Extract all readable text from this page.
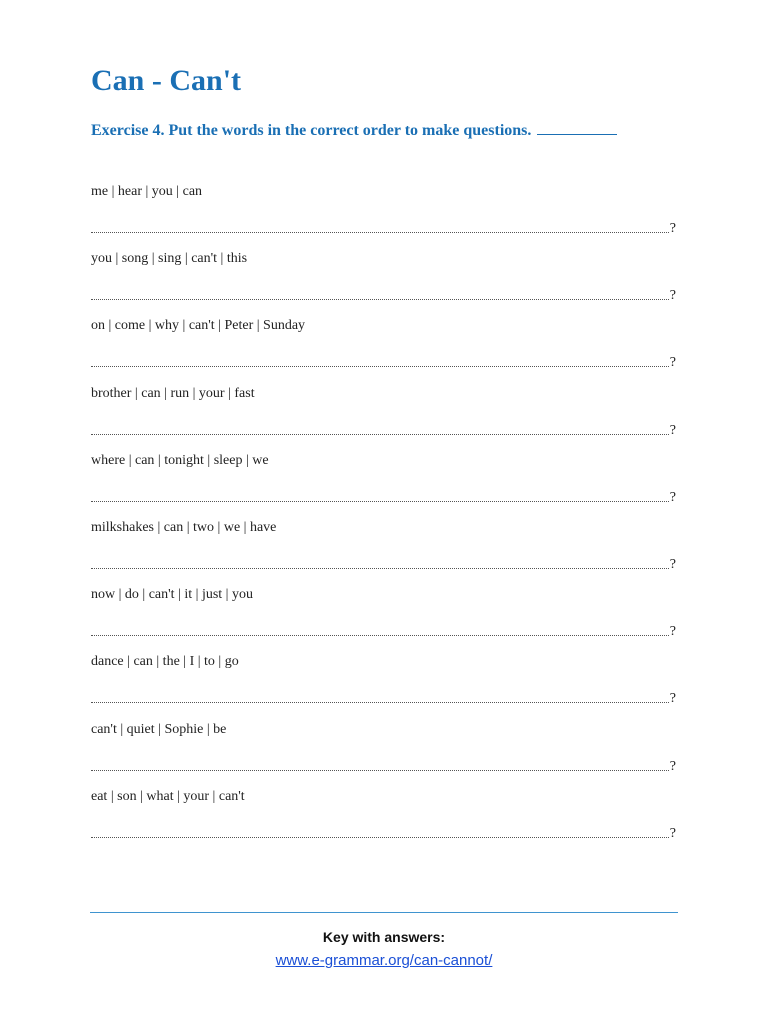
Can - Can't
Exercise 4. Put the words in the correct order to make questions.
me | hear | you | can
?
you | song | sing | can't | this
?
on | come | why | can't | Peter | Sunday
?
brother | can | run | your | fast
?
where | can | tonight | sleep | we
?
milkshakes | can | two | we | have
?
now | do | can't | it | just | you
?
dance | can | the | I | to | go
?
can't | quiet | Sophie | be
?
eat | son | what | your | can't
?
Key with answers:
www.e-grammar.org/can-cannot/
